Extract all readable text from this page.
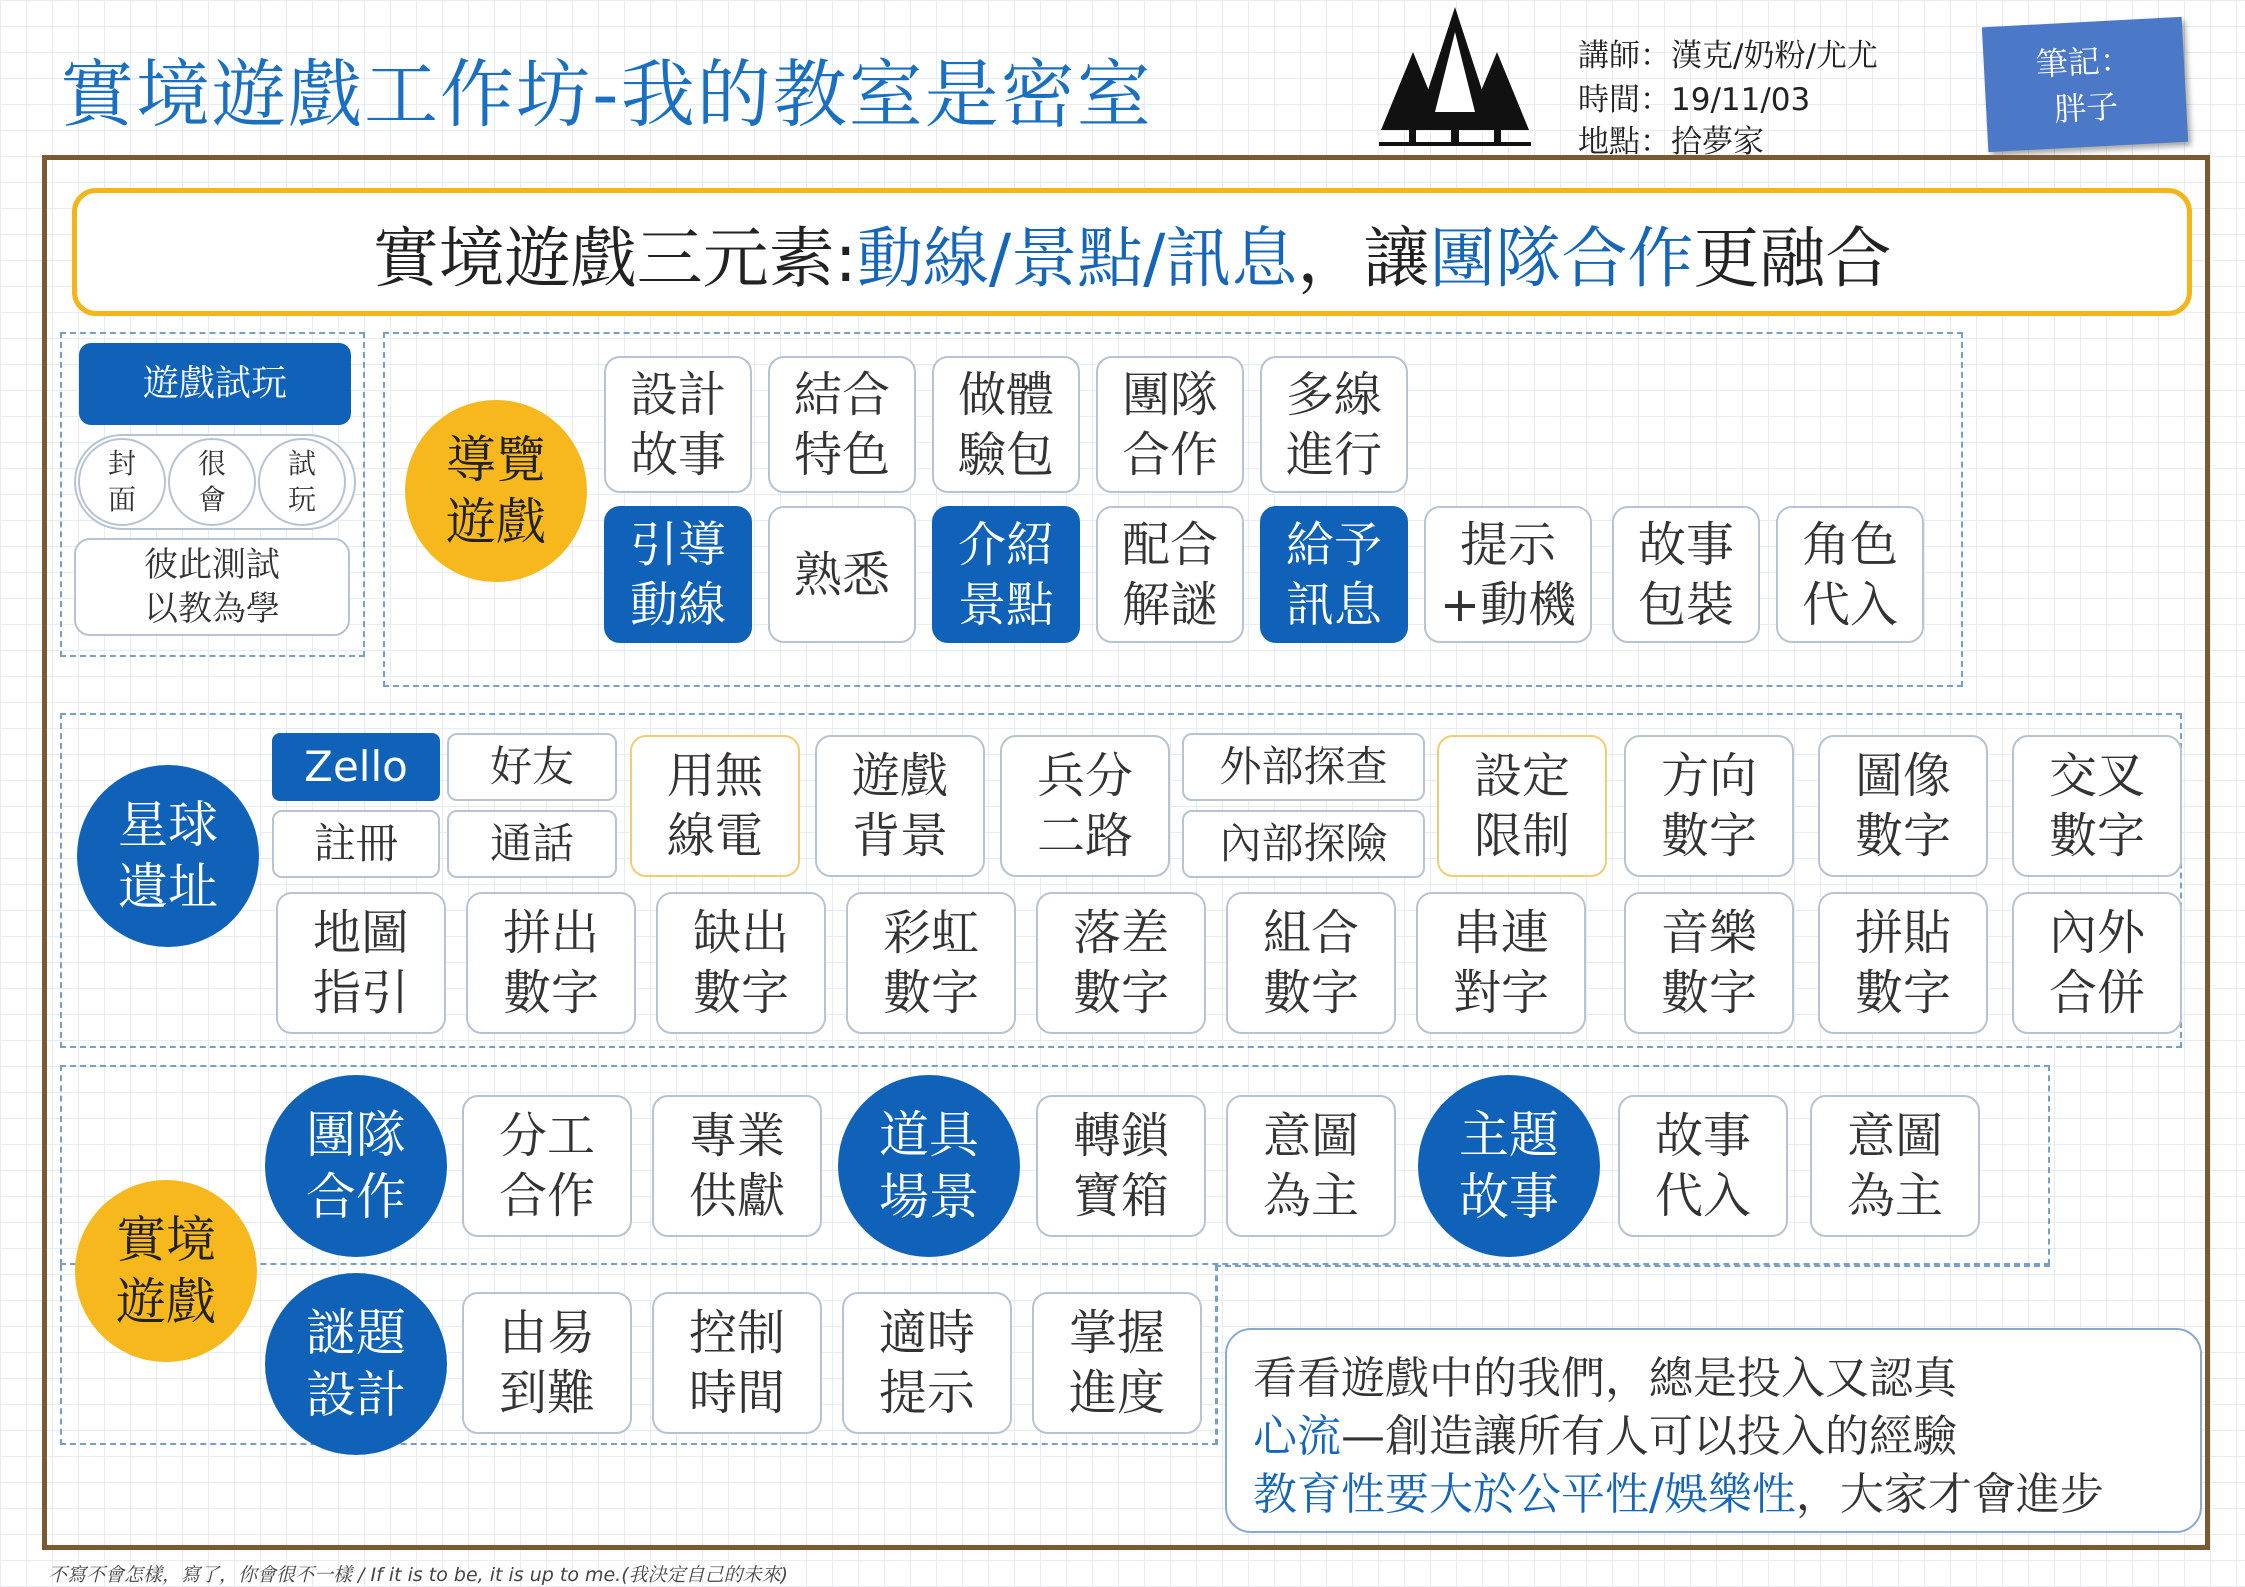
實境遊戲工作坊-我的教室是密室	講師：漢克/奶粉/尤尤
時間：19/11/03
地點：拾夢家
筆記：
胖子
實境遊戲三元素: 動線/景點/訊息 ，讓 團隊合作 更融合
遊戲試玩
封
面
很
會
試
玩
彼此測試
以教為學
導覽
遊戲
設計
故事
結合
特色
做體
驗包
團隊
合作
多線
進行
引導
動線
熟悉
介紹
景點
配合
解謎
給予
訊息
提示
+動機
故事
包裝
角色
代入
星球
遺址
Zello	好友
註冊	通話
用無
線電
遊戲
背景
兵分
二路
外部探查
內部探險
設定
限制
方向
數字
圖像
數字
交叉
數字
地圖
指引
拼出
數字
缺出
數字
彩虹
數字
落差
數字
組合
數字
串連
對字
音樂
數字
拼貼
數字
內外
合併
實境
遊戲
團隊
合作
分工
合作
專業
供獻
道具
場景
轉鎖
寶箱
意圖
為主
主題
故事
故事
代入
意圖
為主
謎題
設計
由易
到難
控制
時間
適時
提示
掌握
進度 看看遊戲中的我們，總是投入又認真
心流—創造讓所有人可以投入的經驗
教育性要大於公平性/娛樂性，大家才會進步
不寫不會怎樣，寫了，你會很不一樣 / If it is to be, it is up to me.(我決定自己的未來)
